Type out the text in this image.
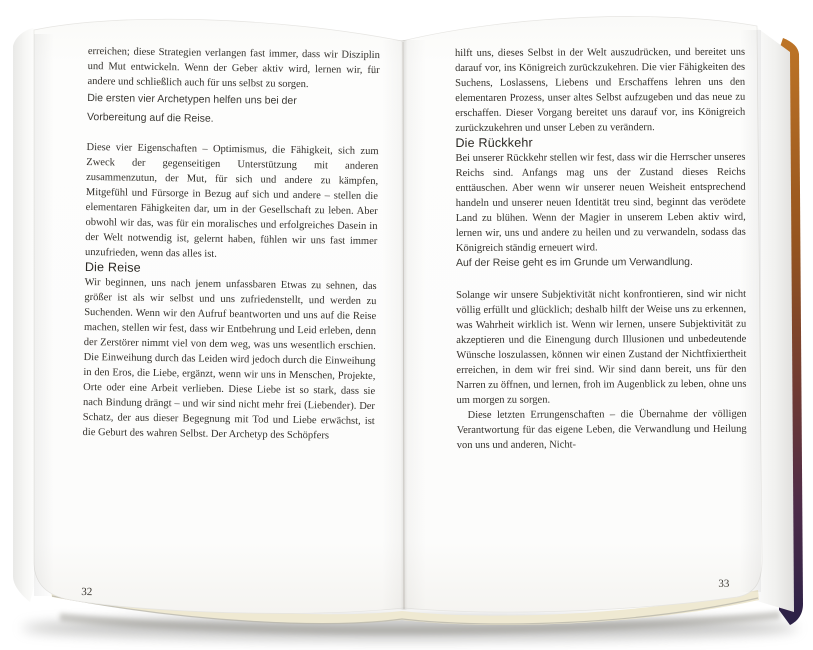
erreichen; diese Strategien verlangen fast immer, dass wir Disziplin und Mut entwickeln. Wenn der Geber aktiv wird, lernen wir, für andere und schließlich auch für uns selbst zu sorgen.

Die ersten vier Archetypen helfen uns bei der Vorbereitung auf die Reise.

Diese vier Eigenschaften – Optimismus, die Fähigkeit, sich zum Zweck der gegenseitigen Unterstützung mit anderen zusammenzutun, der Mut, für sich und andere zu kämpfen, Mitgefühl und Fürsorge in Bezug auf sich und andere – stellen die elementaren Fähigkeiten dar, um in der Gesellschaft zu leben. Aber obwohl wir das, was für ein moralisches und erfolgreiches Dasein in der Welt notwendig ist, gelernt haben, fühlen wir uns fast immer unzufrieden, wenn das alles ist.

Die Reise

Wir beginnen, uns nach jenem unfassbaren Etwas zu sehnen, das größer ist als wir selbst und uns zufriedenstellt, und werden zu Suchenden. Wenn wir den Aufruf beantworten und uns auf die Reise machen, stellen wir fest, dass wir Entbehrung und Leid erleben, denn der Zerstörer nimmt viel von dem weg, was uns wesentlich erschien. Die Einweihung durch das Leiden wird jedoch durch die Einweihung in den Eros, die Liebe, ergänzt, wenn wir uns in Menschen, Projekte, Orte oder eine Arbeit verlieben. Diese Liebe ist so stark, dass sie nach Bindung drängt – und wir sind nicht mehr frei (Liebender). Der Schatz, der aus dieser Begegnung mit Tod und Liebe erwächst, ist die Geburt des wahren Selbst. Der Archetyp des Schöpfers

32

hilft uns, dieses Selbst in der Welt auszudrücken, und bereitet uns darauf vor, ins Königreich zurückzukehren. Die vier Fähigkeiten des Suchens, Loslassens, Liebens und Erschaffens lehren uns den elementaren Prozess, unser altes Selbst aufzugeben und das neue zu erschaffen. Dieser Vorgang bereitet uns darauf vor, ins Königreich zurückzukehren und unser Leben zu verändern.

Die Rückkehr

Bei unserer Rückkehr stellen wir fest, dass wir die Herrscher unseres Reichs sind. Anfangs mag uns der Zustand dieses Reichs enttäuschen. Aber wenn wir unserer neuen Weisheit entsprechend handeln und unserer neuen Identität treu sind, beginnt das verödete Land zu blühen. Wenn der Magier in unserem Leben aktiv wird, lernen wir, uns und andere zu heilen und zu verwandeln, sodass das Königreich ständig erneuert wird.

Auf der Reise geht es im Grunde um Verwandlung.

Solange wir unsere Subjektivität nicht konfrontieren, sind wir nicht völlig erfüllt und glücklich; deshalb hilft der Weise uns zu erkennen, was Wahrheit wirklich ist. Wenn wir lernen, unsere Subjektivität zu akzeptieren und die Einengung durch Illusionen und unbedeutende Wünsche loszulassen, können wir einen Zustand der Nichtfixiertheit erreichen, in dem wir frei sind. Wir sind dann bereit, uns für den Narren zu öffnen, und lernen, froh im Augenblick zu leben, ohne uns um morgen zu sorgen.

Diese letzten Errungenschaften – die Übernahme der völligen Verantwortung für das eigene Leben, die Verwandlung und Heilung von uns und anderen, Nicht-

33
